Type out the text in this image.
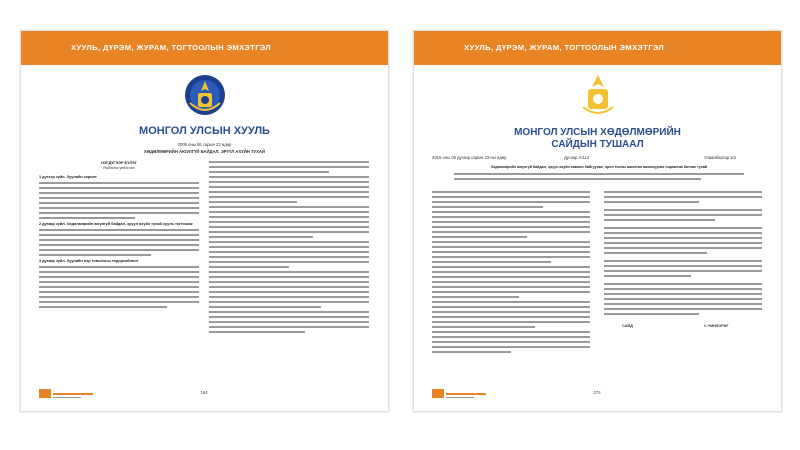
ХУУЛЬ, ДҮРЭМ, ЖУРАМ, ТОГТООЛЫН ЭМХЭТГЭЛ
МОНГОЛ УЛСЫН ХУУЛЬ
2005 оны 06 сарын 22 өдөр
ХӨДӨЛМӨРИЙН АЮУЛГҮЙ БАЙДАЛ, ЭРҮҮЛ АХУЙН ТУХАЙ
НЭГДҮГЭЭР БҮЛЭГ
Нийтлэг үндэслэл
1 дүгээр зүйл. Хуулийн зорилт
2 дугаар зүйл. Хөдөлмөрийн аюулгүй байдал, эрүүл ахуйн тухай хууль тогтоомж
3 дугаар зүйл. Хуулийн нэр томьёоны тодорхойлолт
164
ХУУЛЬ, ДҮРЭМ, ЖУРАМ, ТОГТООЛЫН ЭМХЭТГЭЛ
МОНГОЛ УЛСЫН ХӨДӨЛМӨРИЙН
САЙДЫН ТУШААЛ
2015 оны 06 дугаар сарын 23-ны өдөр	Дугаар А/114	Улаанбаатар хот
Хөдөлмөрийн аюулгүй байдал, эрүүл ахуйн зөвлөл байгуулах, орон тооны ажилтан ажиллуулах норматив батлах тухай
САЙД	С.ЧИНЗОРИГ
274
